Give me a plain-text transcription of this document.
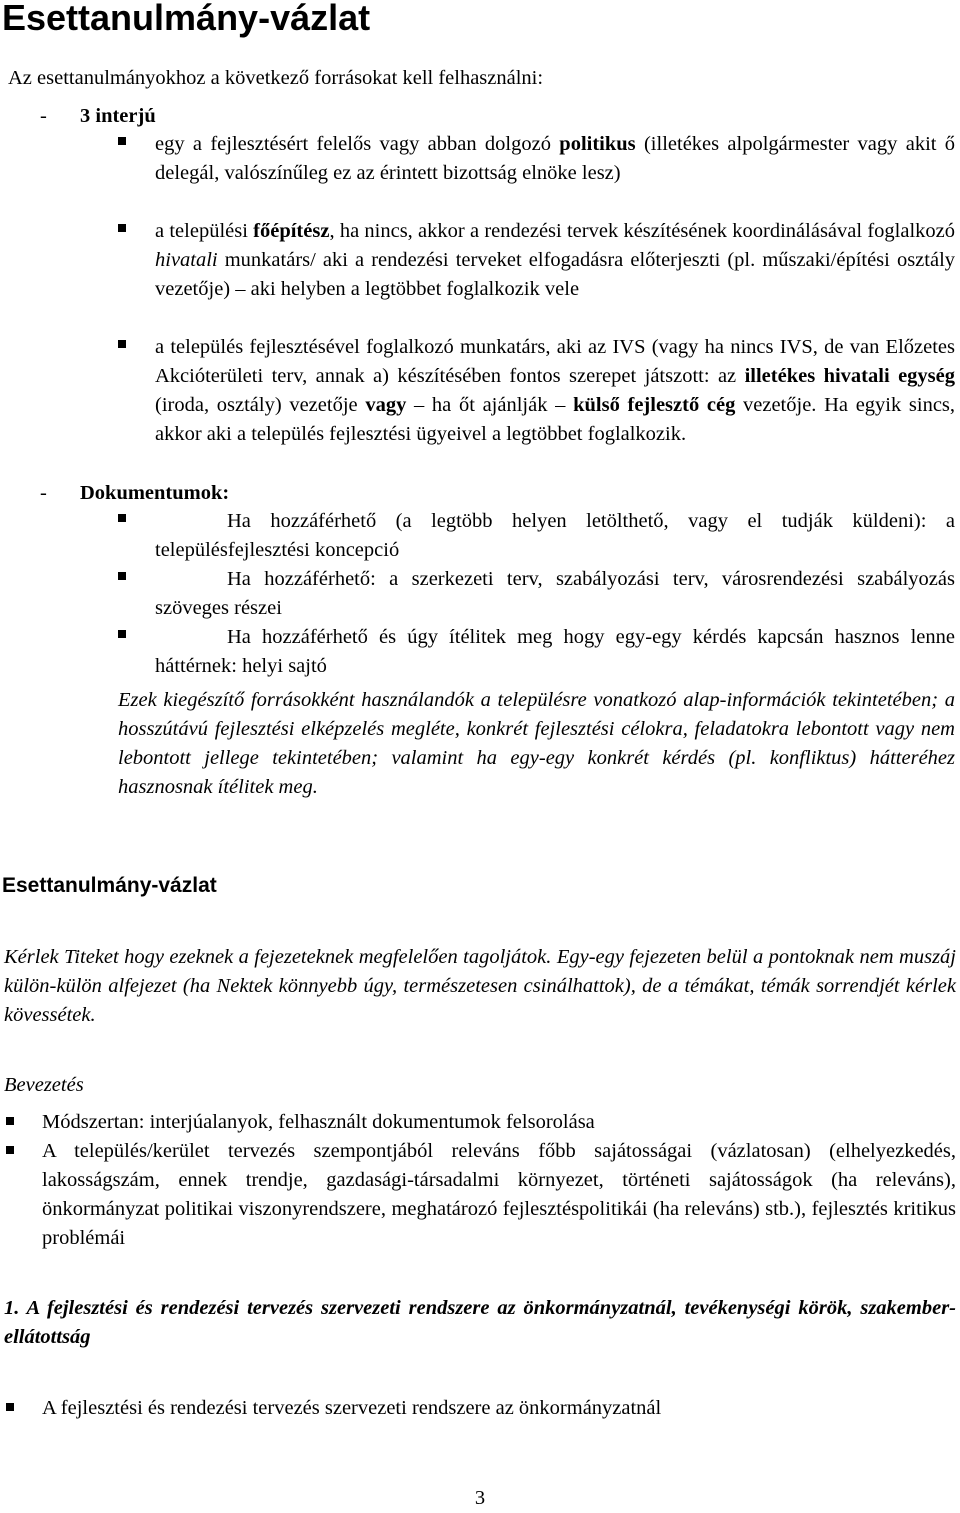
Esettanulmány-vázlat
Az esettanulmányokhoz a következő forrásokat kell felhasználni:
- 3 interjú
egy a fejlesztésért felelős vagy abban dolgozó politikus (illetékes alpolgármester vagy akit ő delegál, valószínűleg ez az érintett bizottság elnöke lesz)
a települési főépítész, ha nincs, akkor a rendezési tervek készítésének koordinálásával foglalkozó hivatali munkatárs/ aki a rendezési terveket elfogadásra előterjeszti (pl. műszaki/építési osztály vezetője) – aki helyben a legtöbbet foglalkozik vele
a település fejlesztésével foglalkozó munkatárs, aki az IVS (vagy ha nincs IVS, de van Előzetes Akcióterületi terv, annak a) készítésében fontos szerepet játszott: az illetékes hivatali egység (iroda, osztály) vezetője vagy – ha őt ajánlják – külső fejlesztő cég vezetője. Ha egyik sincs, akkor aki a település fejlesztési ügyeivel a legtöbbet foglalkozik.
- Dokumentumok:
Ha hozzáférhető (a legtöbb helyen letölthető, vagy el tudják küldeni): a településfejlesztési koncepció
Ha hozzáférhető: a szerkezeti terv, szabályozási terv, városrendezési szabályozás szöveges részei
Ha hozzáférhető és úgy ítélitek meg hogy egy-egy kérdés kapcsán hasznos lenne háttérnek: helyi sajtó
Ezek kiegészítő forrásokként használandók a településre vonatkozó alap-információk tekintetében; a hosszútávú fejlesztési elképzelés megléte, konkrét fejlesztési célokra, feladatokra lebontott vagy nem lebontott jellege tekintetében; valamint ha egy-egy konkrét kérdés (pl. konfliktus) hátteréhez hasznosnak ítélitek meg.
Esettanulmány-vázlat
Kérlek Titeket hogy ezeknek a fejezeteknek megfelelően tagoljátok. Egy-egy fejezeten belül a pontoknak nem muszáj külön-külön alfejezet (ha Nektek könnyebb úgy, természetesen csinálhattok), de a témákat, témák sorrendjét kérlek kövessétek.
Bevezetés
Módszertan: interjúalanyok, felhasznált dokumentumok felsorolása
A település/kerület tervezés szempontjából releváns főbb sajátosságai (vázlatosan) (elhelyezkedés, lakosságszám, ennek trendje, gazdasági-társadalmi környezet, történeti sajátosságok (ha releváns), önkormányzat politikai viszonyrendszere, meghatározó fejlesztéspolitikái (ha releváns) stb.), fejlesztés kritikus problémái
1. A fejlesztési és rendezési tervezés szervezeti rendszere az önkormányzatnál, tevékenységi körök, szakember-ellátottság
A fejlesztési és rendezési tervezés szervezeti rendszere az önkormányzatnál
3
